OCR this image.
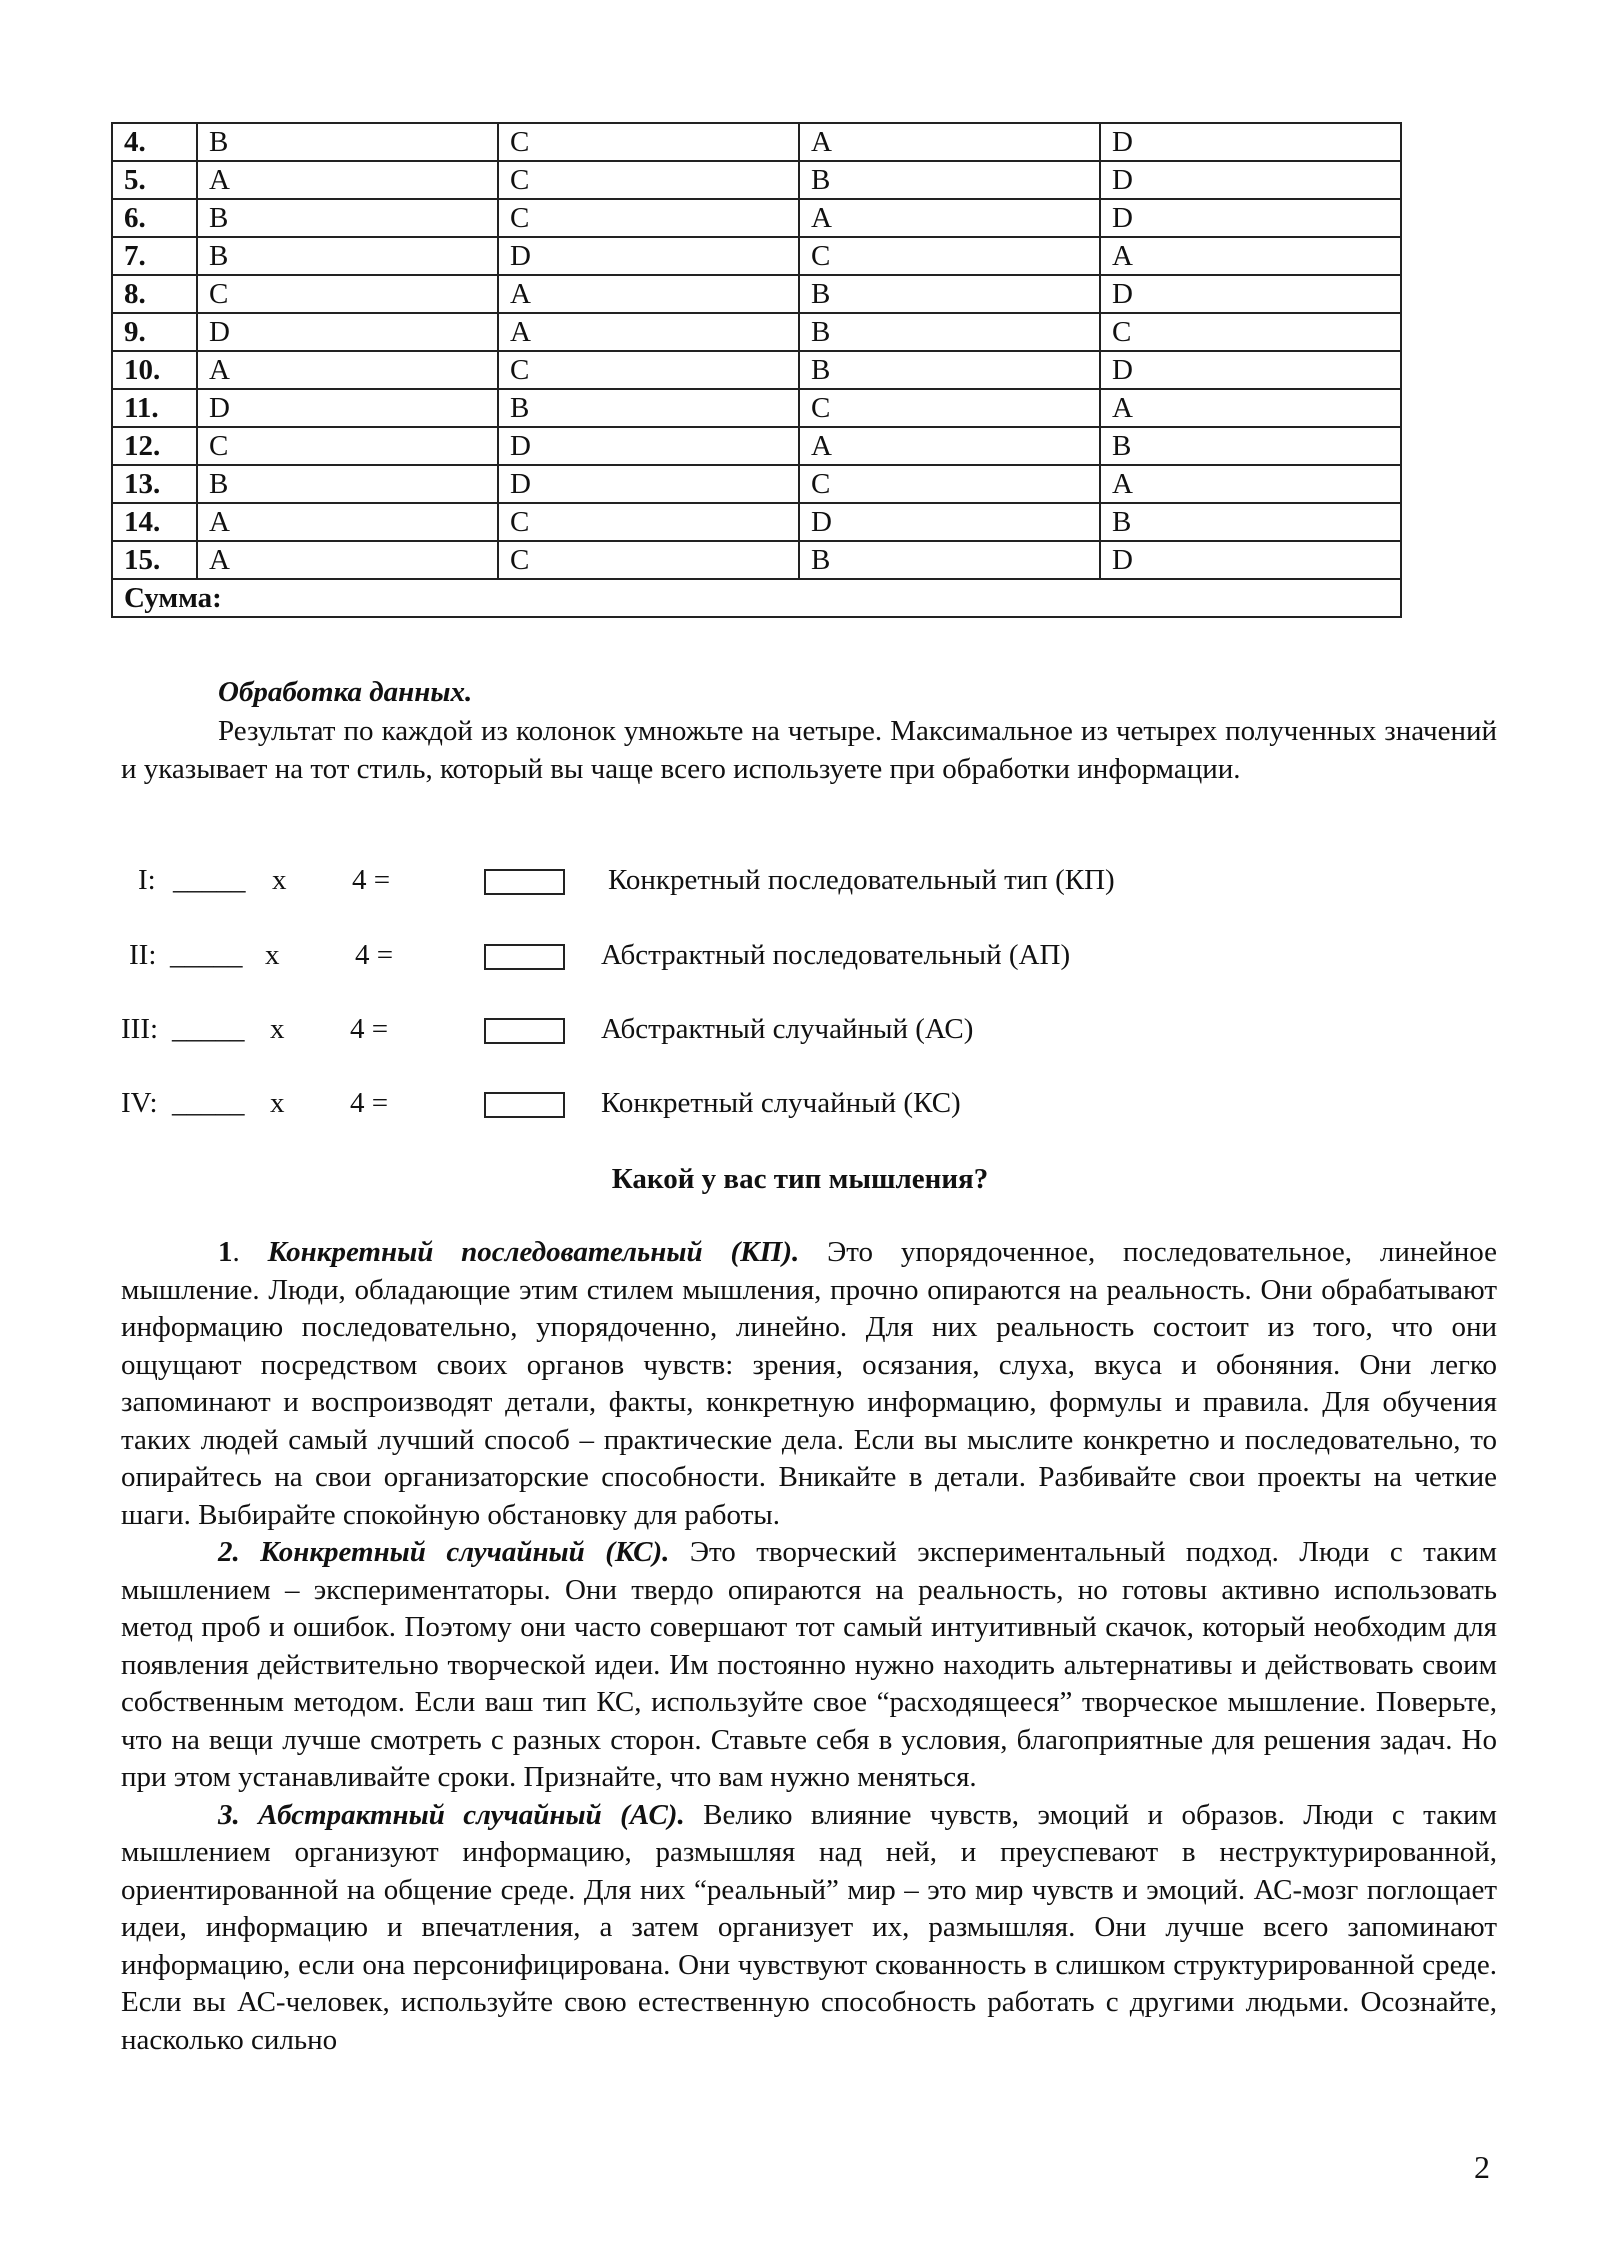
4.	B	C	A	D
5.	A	C	B	D
6.	B	C	A	D
7.	B	D	C	A
8.	C	A	B	D
9.	D	A	B	C
10.	A	C	B	D
11.	D	B	C	A
12.	C	D	A	B
13.	B	D	C	A
14.	A	C	D	B
15.	A	C	B	D
Сумма:				
Обработка данных.
Результат по каждой из колонок умножьте на четыре. Максимальное из четырех полученных значений и указывает на тот стиль, который вы чаще всего используете при обработки информации.
I: _____ x 4 =	Конкретный последовательный тип (КП)
II: _____ x	4 =	Абстрактный последовательный (АП)
III: _____ x 4 =	Абстрактный случайный (АС)
IV: _____ x 4 =	Конкретный случайный (КС)
Какой у вас тип мышления?

1. Конкретный последовательный (КП). Это упорядоченное, последовательное, линейное мышление. Люди, обладающие этим стилем мышления, прочно опираются на реальность. Они обрабатывают информацию последовательно, упорядоченно, линейно. Для них реальность состоит из того, что они ощущают посредством своих органов чувств: зрения, осязания, слуха, вкуса и обоняния. Они легко запоминают и воспроизводят детали, факты, конкретную информацию, формулы и правила. Для обучения таких людей самый лучший способ – практические дела. Если вы мыслите конкретно и последовательно, то опирайтесь на свои организаторские способности. Вникайте в детали. Разбивайте свои проекты на четкие шаги. Выбирайте спокойную обстановку для работы.

2. Конкретный случайный (КС). Это творческий экспериментальный подход. Люди с таким мышлением – экспериментаторы. Они твердо опираются на реальность, но готовы активно использовать метод проб и ошибок. Поэтому они часто совершают тот самый интуитивный скачок, который необходим для появления действительно творческой идеи. Им постоянно нужно находить альтернативы и действовать своим собственным методом. Если ваш тип КС, используйте свое “расходящееся” творческое мышление. Поверьте, что на вещи лучше смотреть с разных сторон. Ставьте себя в условия, благоприятные для решения задач. Но при этом устанавливайте сроки. Признайте, что вам нужно меняться.

3. Абстрактный случайный (АС). Велико влияние чувств, эмоций и образов. Люди с таким мышлением организуют информацию, размышляя над ней, и преуспевают в неструктурированной, ориентированной на общение среде. Для них “реальный” мир – это мир чувств и эмоций. АС-мозг поглощает идеи, информацию и впечатления, а затем организует их, размышляя. Они лучше всего запоминают информацию, если она персонифицирована. Они чувствуют скованность в слишком структурированной среде. Если вы АС-человек, используйте свою естественную способность работать с другими людьми. Осознайте, насколько сильно

2
